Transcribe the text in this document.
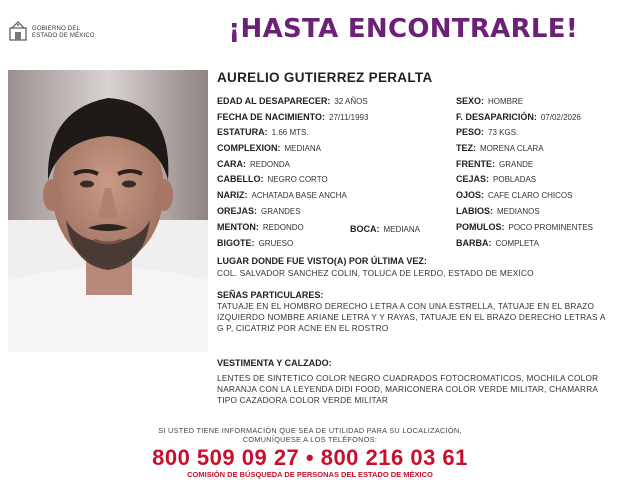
GOBIERNO DEL
ESTADO DE MÉXICO	¡HASTA ENCONTRARLE!
AURELIO GUTIERREZ PERALTA
EDAD AL DESAPARECER: 32 AÑOS
FECHA DE NACIMIENTO: 27/11/1993
ESTATURA: 1.66 MTS.
COMPLEXION: MEDIANA
CARA: REDONDA
CABELLO: NEGRO CORTO
NARIZ: ACHATADA BASE ANCHA
OREJAS: GRANDES
MENTON: REDONDO	BOCA: MEDIANA
BIGOTE: GRUESO
SEXO: HOMBRE
F. DESAPARICIÓN: 07/02/2026
PESO: 73 KGS.
TEZ: MORENA CLARA
FRENTE: GRANDE
CEJAS: POBLADAS
OJOS: CAFE CLARO CHICOS
LABIOS: MEDIANOS
POMULOS: POCO PROMINENTES
BARBA: COMPLETA
LUGAR DONDE FUE VISTO(A) POR ÚLTIMA VEZ:
COL. SALVADOR SANCHEZ COLIN, TOLUCA DE LERDO, ESTADO DE MEXICO
SEÑAS PARTICULARES:
TATUAJE EN EL HOMBRO DERECHO LETRA A CON UNA ESTRELLA, TATUAJE EN EL BRAZO IZQUIERDO NOMBRE ARIANE LETRA Y Y RAYAS, TATUAJE EN EL BRAZO DERECHO LETRAS A G P, CICATRIZ POR ACNE EN EL ROSTRO
VESTIMENTA Y CALZADO:
LENTES DE SINTETICO COLOR NEGRO CUADRADOS FOTOCROMATICOS, MOCHILA COLOR NARANJA CON LA LEYENDA DIDI FOOD, MARICONERA COLOR VERDE MILITAR, CHAMARRA TIPO CAZADORA COLOR VERDE MILITAR
SI USTED TIENE INFORMACIÓN QUE SEA DE UTILIDAD PARA SU LOCALIZACIÓN,
COMUNÍQUESE A LOS TELÉFONOS:
800 509 09 27 • 800 216 03 61
COMISIÓN DE BÚSQUEDA DE PERSONAS DEL ESTADO DE MÉXICO
